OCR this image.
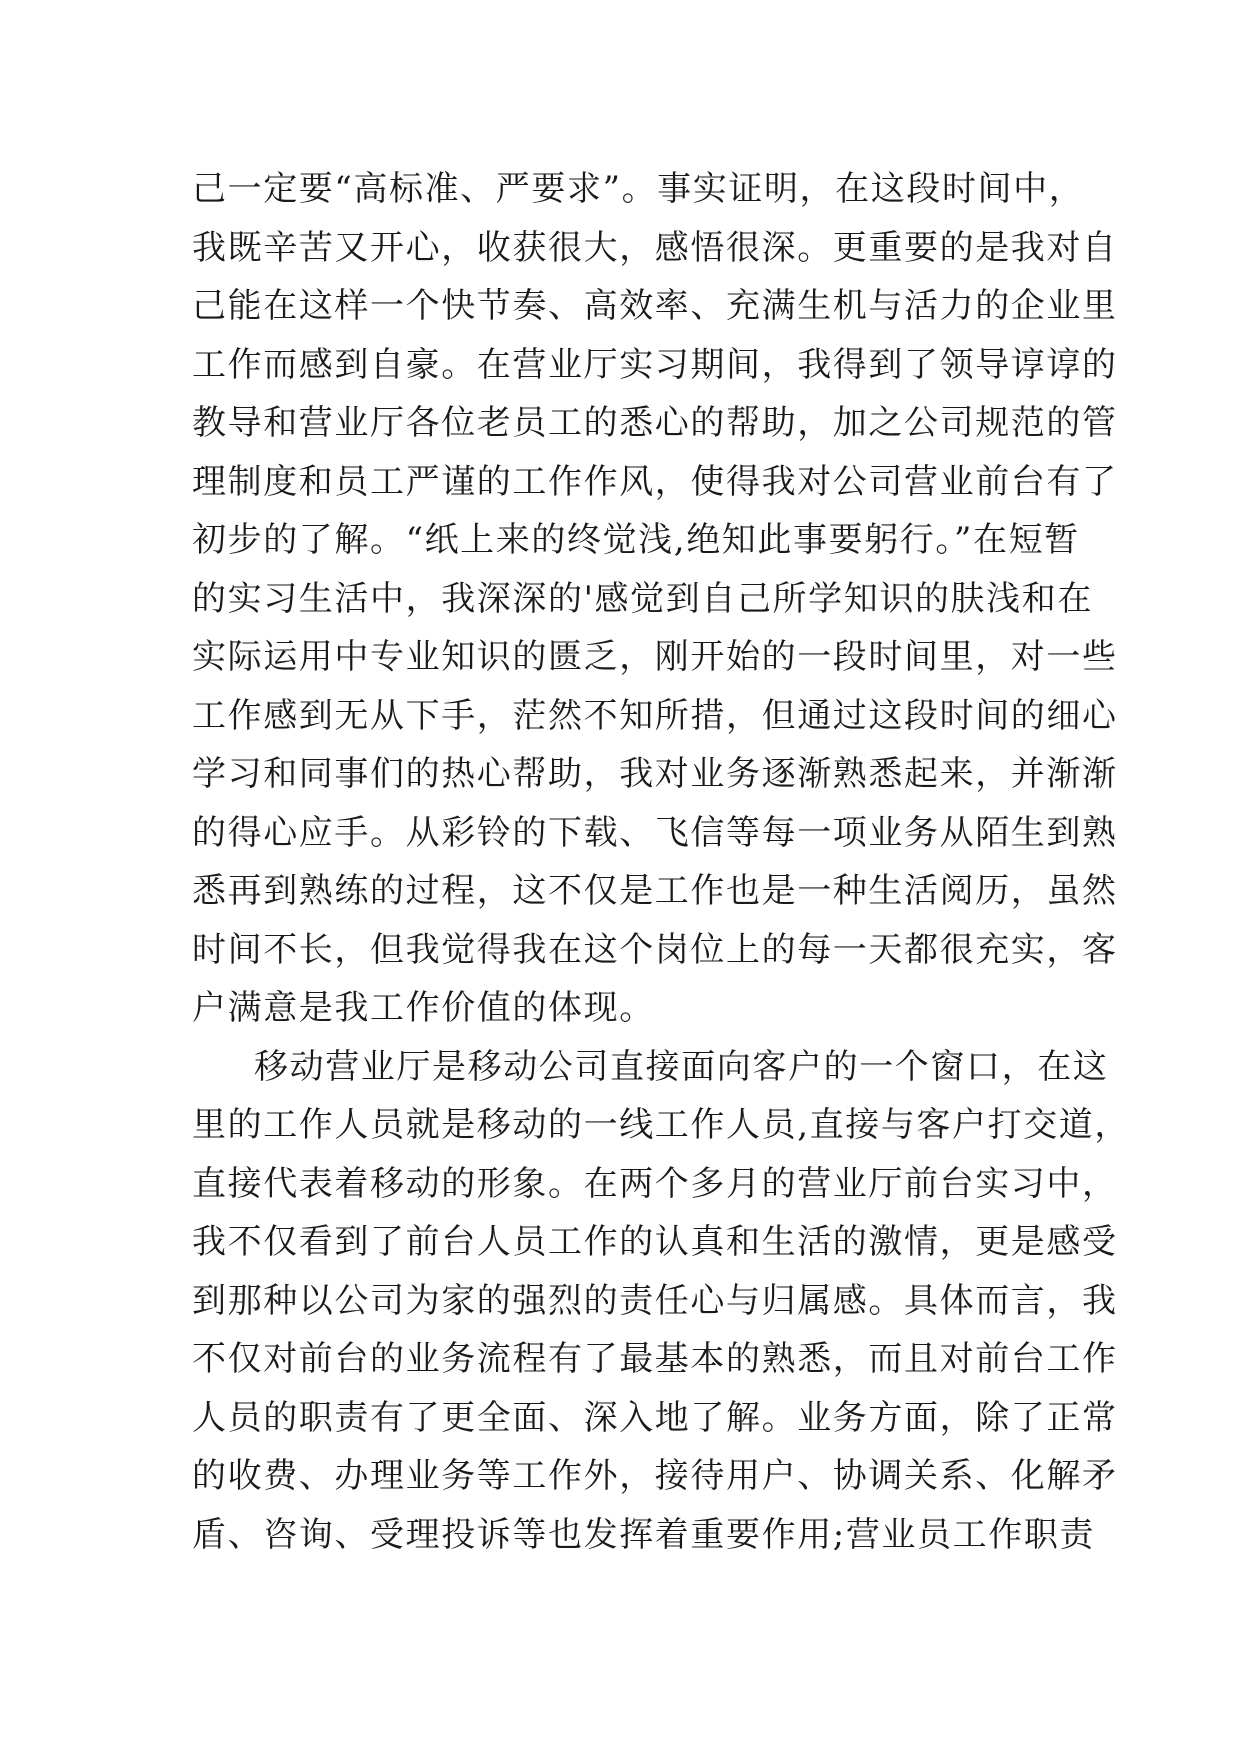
己一定要“高标准、严要求”。事实证明，在这段时间中，
我既辛苦又开心，收获很大，感悟很深。更重要的是我对自
己能在这样一个快节奏、高效率、充满生机与活力的企业里
工作而感到自豪。在营业厅实习期间，我得到了领导谆谆的
教导和营业厅各位老员工的悉心的帮助，加之公司规范的管
理制度和员工严谨的工作作风，使得我对公司营业前台有了
初步的了解。“纸上来的终觉浅,绝知此事要躬行。”在短暂
的实习生活中，我深深的'感觉到自己所学知识的肤浅和在
实际运用中专业知识的匮乏，刚开始的一段时间里，对一些
工作感到无从下手，茫然不知所措，但通过这段时间的细心
学习和同事们的热心帮助，我对业务逐渐熟悉起来，并渐渐
的得心应手。从彩铃的下载、飞信等每一项业务从陌生到熟
悉再到熟练的过程，这不仅是工作也是一种生活阅历，虽然
时间不长，但我觉得我在这个岗位上的每一天都很充实，客
户满意是我工作价值的体现。
移动营业厅是移动公司直接面向客户的一个窗口，在这
里的工作人员就是移动的一线工作人员,直接与客户打交道，
直接代表着移动的形象。在两个多月的营业厅前台实习中，
我不仅看到了前台人员工作的认真和生活的激情，更是感受
到那种以公司为家的强烈的责任心与归属感。具体而言，我
不仅对前台的业务流程有了最基本的熟悉，而且对前台工作
人员的职责有了更全面、深入地了解。业务方面，除了正常
的收费、办理业务等工作外，接待用户、协调关系、化解矛
盾、咨询、受理投诉等也发挥着重要作用;营业员工作职责
